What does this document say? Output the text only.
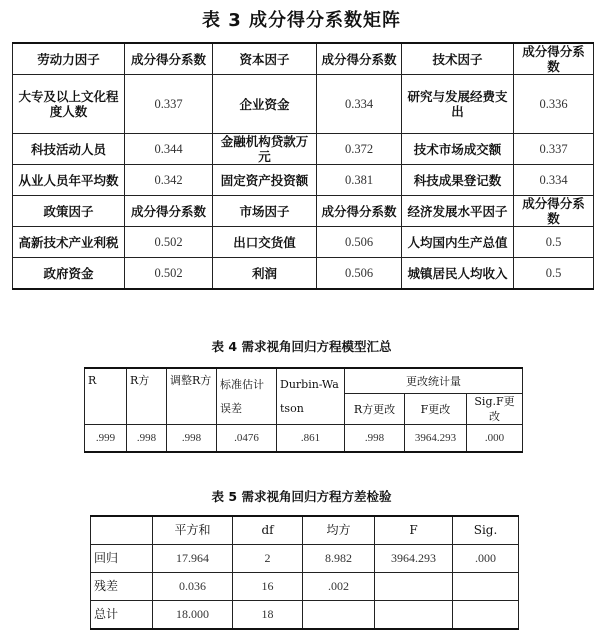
表 3 成分得分系数矩阵
劳动力因子	成分得分系数	资本因子	成分得分系数	技术因子	成分得分系数
大专及以上文化程度人数	0.337	企业资金	0.334	研究与发展经费支出	0.336
科技活动人员	0.344	金融机构贷款万元	0.372	技术市场成交额	0.337
从业人员年平均数	0.342	固定资产投资额	0.381	科技成果登记数	0.334
政策因子	成分得分系数	市场因子	成分得分系数	经济发展水平因子	成分得分系数
高新技术产业利税	0.502	出口交货值	0.506	人均国内生产总值	0.5
政府资金	0.502	利润	0.506	城镇居民人均收入	0.5
表 4 需求视角回归方程模型汇总
R	R方	调整R方	标准估计误差	Durbin-Watson	更改统计量		
					R方更改	F更改	Sig.F更改
.999	.998	.998	.0476	.861	.998	3964.293	.000
表 5 需求视角回归方程方差检验
	平方和	df	均方	F	Sig.
回归	17.964	2	8.982	3964.293	.000
残差	0.036	16	.002		
总计	18.000	18			
